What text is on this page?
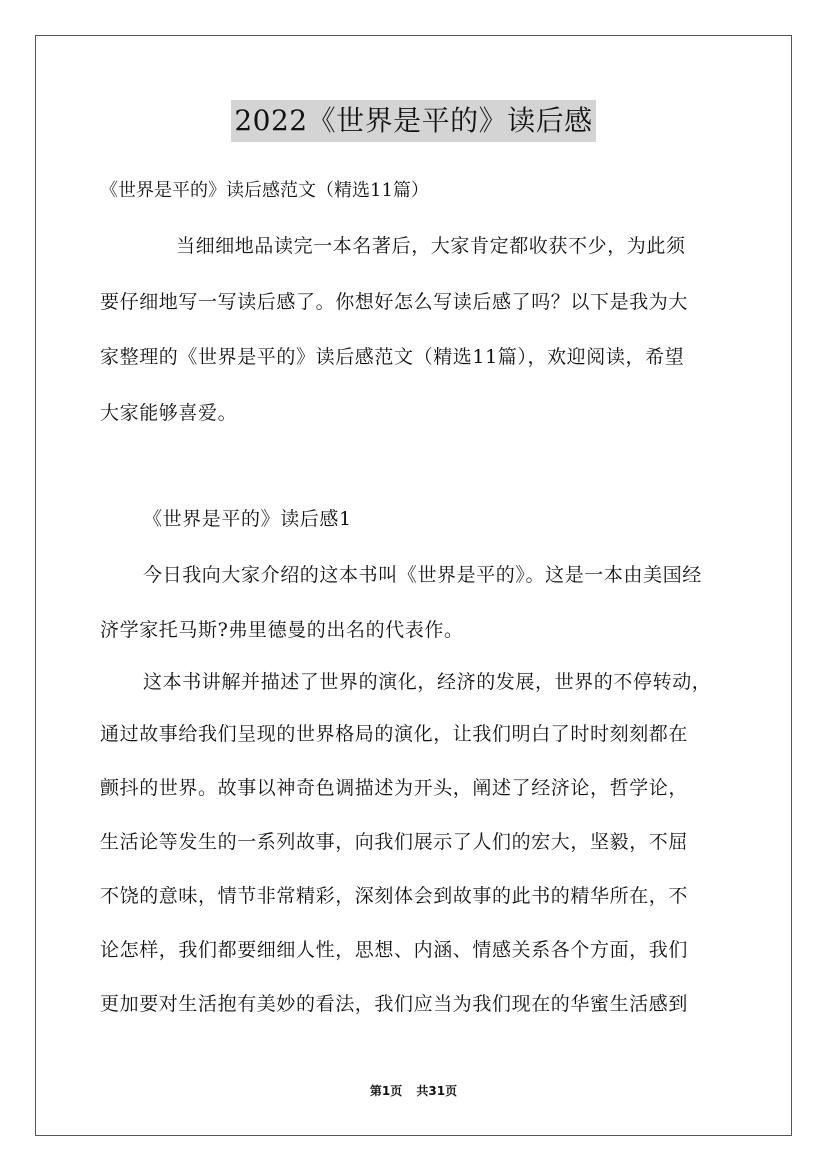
2022《世界是平的》读后感
《世界是平的》读后感范文（精选11篇）
当细细地品读完一本名著后，大家肯定都收获不少，为此须
要仔细地写一写读后感了。你想好怎么写读后感了吗？以下是我为大
家整理的《世界是平的》读后感范文（精选11篇），欢迎阅读，希望
大家能够喜爱。
《世界是平的》读后感1
今日我向大家介绍的这本书叫《世界是平的》。这是一本由美国经
济学家托马斯?弗里德曼的出名的代表作。
这本书讲解并描述了世界的演化，经济的发展，世界的不停转动，
通过故事给我们呈现的世界格局的演化，让我们明白了时时刻刻都在
颤抖的世界。故事以神奇色调描述为开头，阐述了经济论，哲学论，
生活论等发生的一系列故事，向我们展示了人们的宏大，坚毅，不屈
不饶的意味，情节非常精彩，深刻体会到故事的此书的精华所在，不
论怎样，我们都要细细人性，思想、内涵、情感关系各个方面，我们
更加要对生活抱有美妙的看法，我们应当为我们现在的华蜜生活感到
第1页 共31页
